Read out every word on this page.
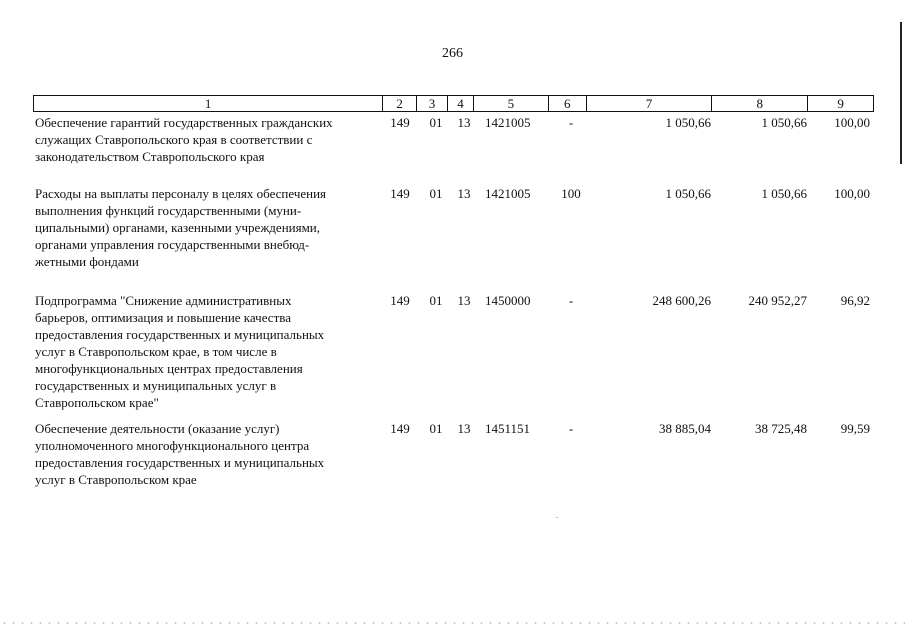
266
1	2	3	4	5	6	7	8	9
Обеспечение гарантий государственных гражданских
служащих Ставропольского края в соответствии с
законодательством Ставропольского края
149 01 13 1421005	-	1 050,66	1 050,66	100,00
Расходы на выплаты персоналу в целях обеспечения
выполнения функций государственными (муни-
ципальными) органами, казенными учреждениями,
органами управления государственными внебюд-
жетными фондами
149 01 13 1421005	100	1 050,66	1 050,66	100,00
Подпрограмма "Снижение административных
барьеров, оптимизация и повышение качества
предоставления государственных и муниципальных
услуг в Ставропольском крае, в том числе в
многофункциональных центрах предоставления
государственных и муниципальных услуг в
Ставропольском крае"
149 01 13 1450000	-	248 600,26	240 952,27	96,92
Обеспечение деятельности (оказание услуг)
уполномоченного многофункционального центра
предоставления государственных и муниципальных
услуг в Ставропольском крае
149 01 13 1451151	-	38 885,04	38 725,48	99,59
